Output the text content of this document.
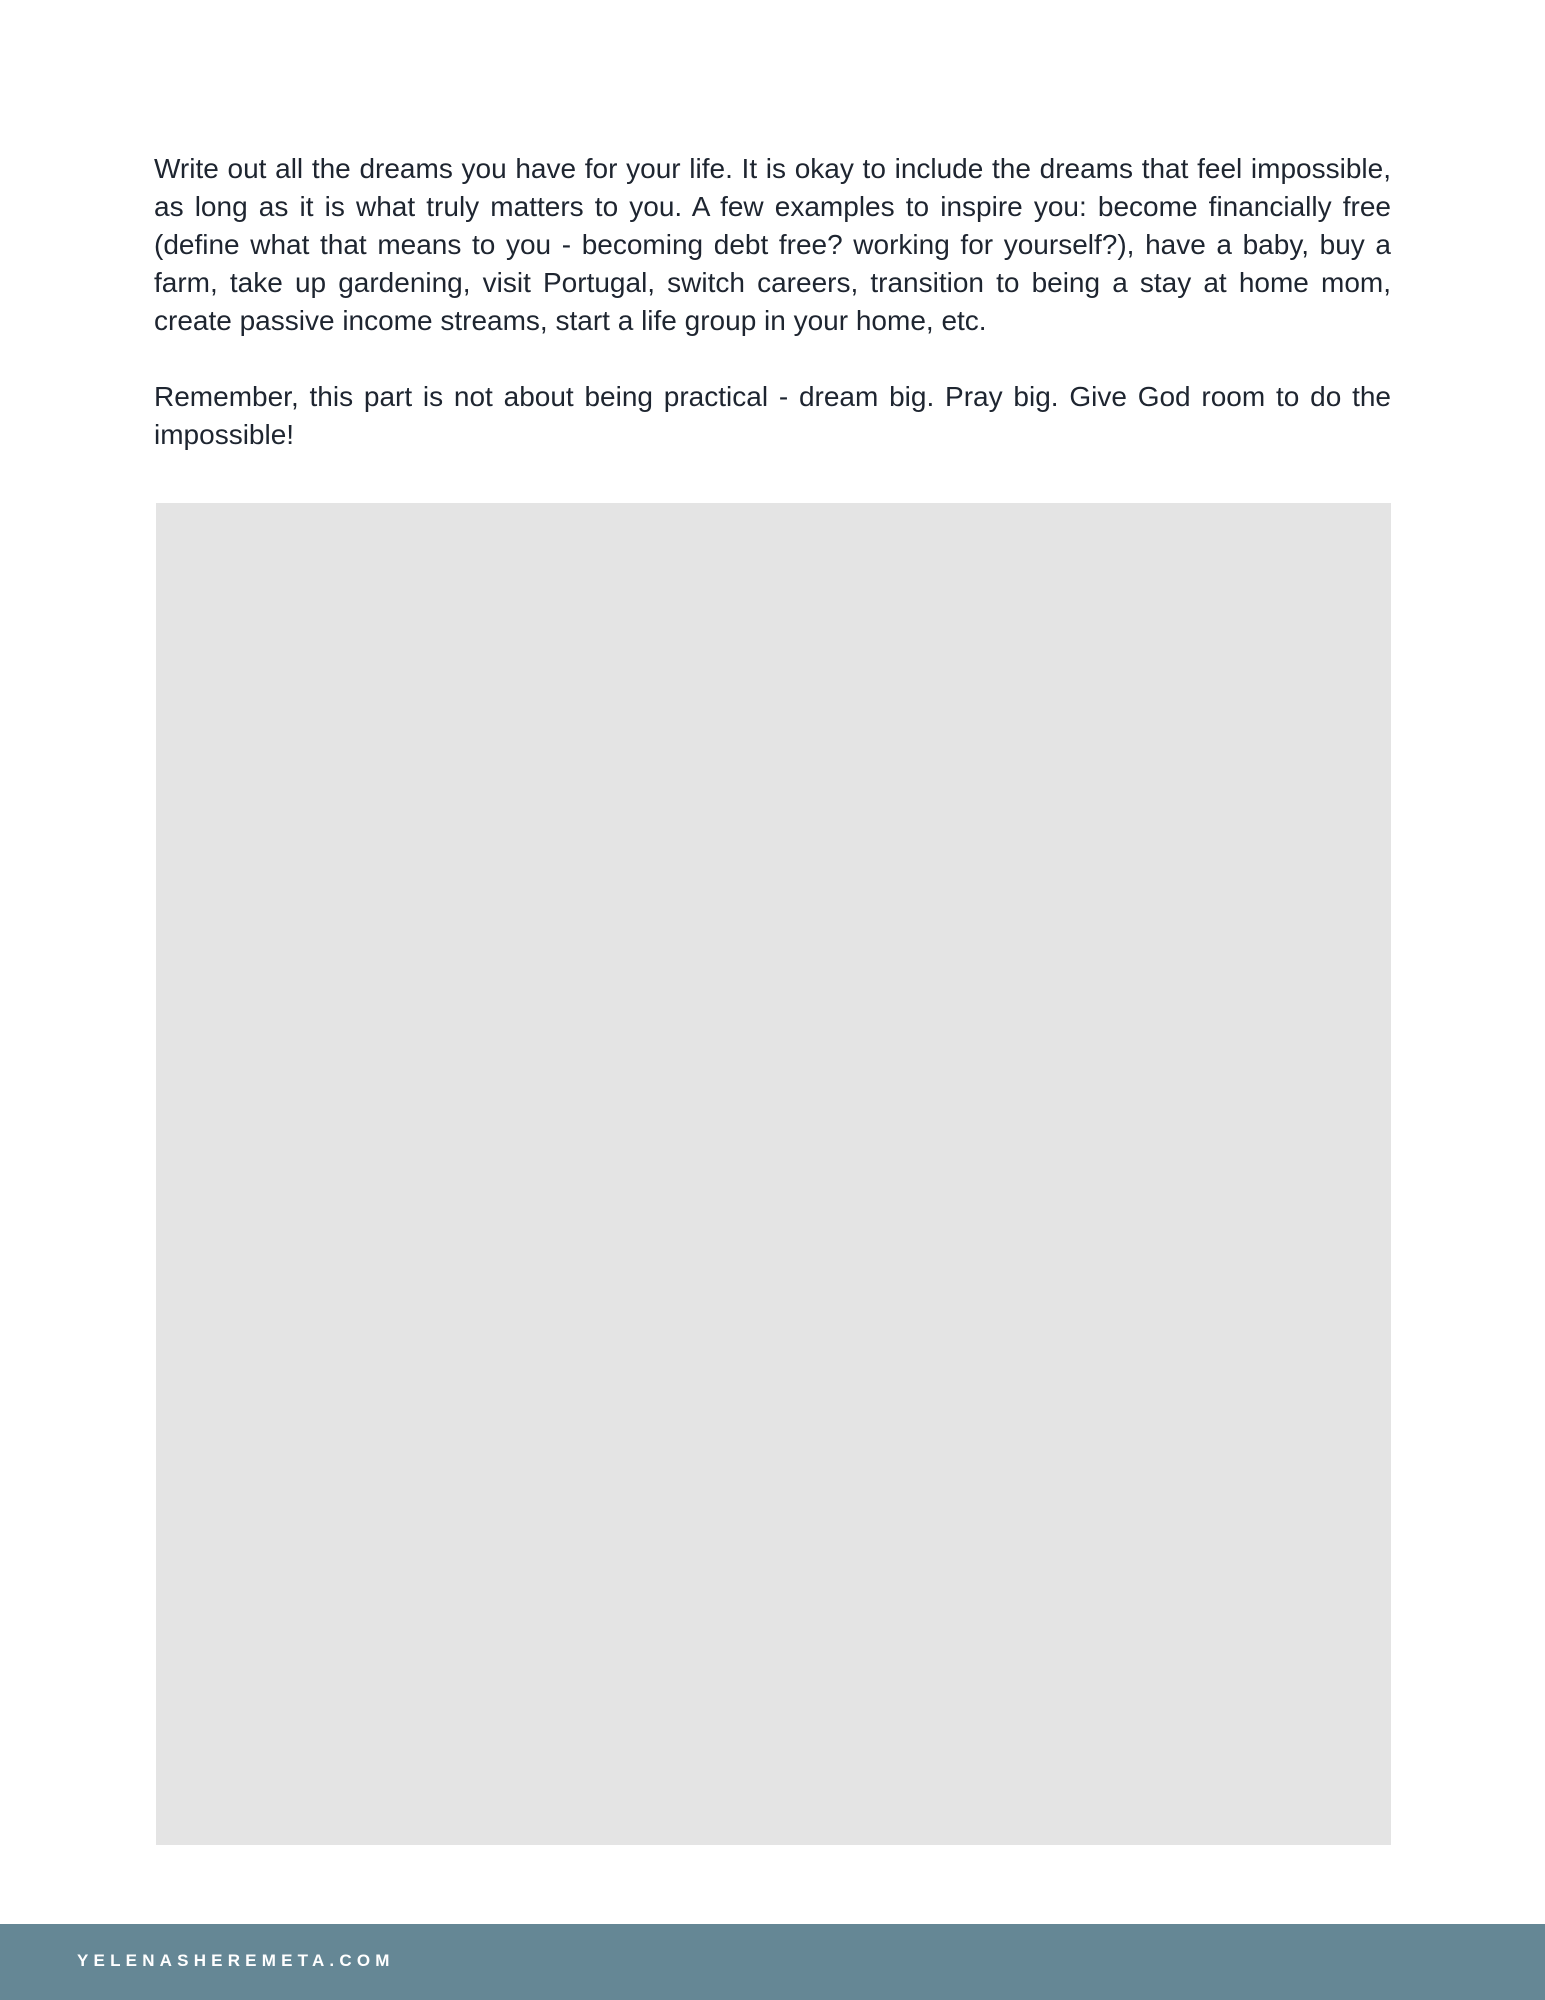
Write out all the dreams you have for your life. It is okay to include the dreams that feel impossible, as long as it is what truly matters to you. A few examples to inspire you: become financially free (define what that means to you - becoming debt free? working for yourself?), have a baby, buy a farm, take up gardening, visit Portugal, switch careers, transition to being a stay at home mom, create passive income streams, start a life group in your home, etc.

Remember, this part is not about being practical - dream big. Pray big. Give God room to do the impossible!

YELENASHEREMETA.COM
